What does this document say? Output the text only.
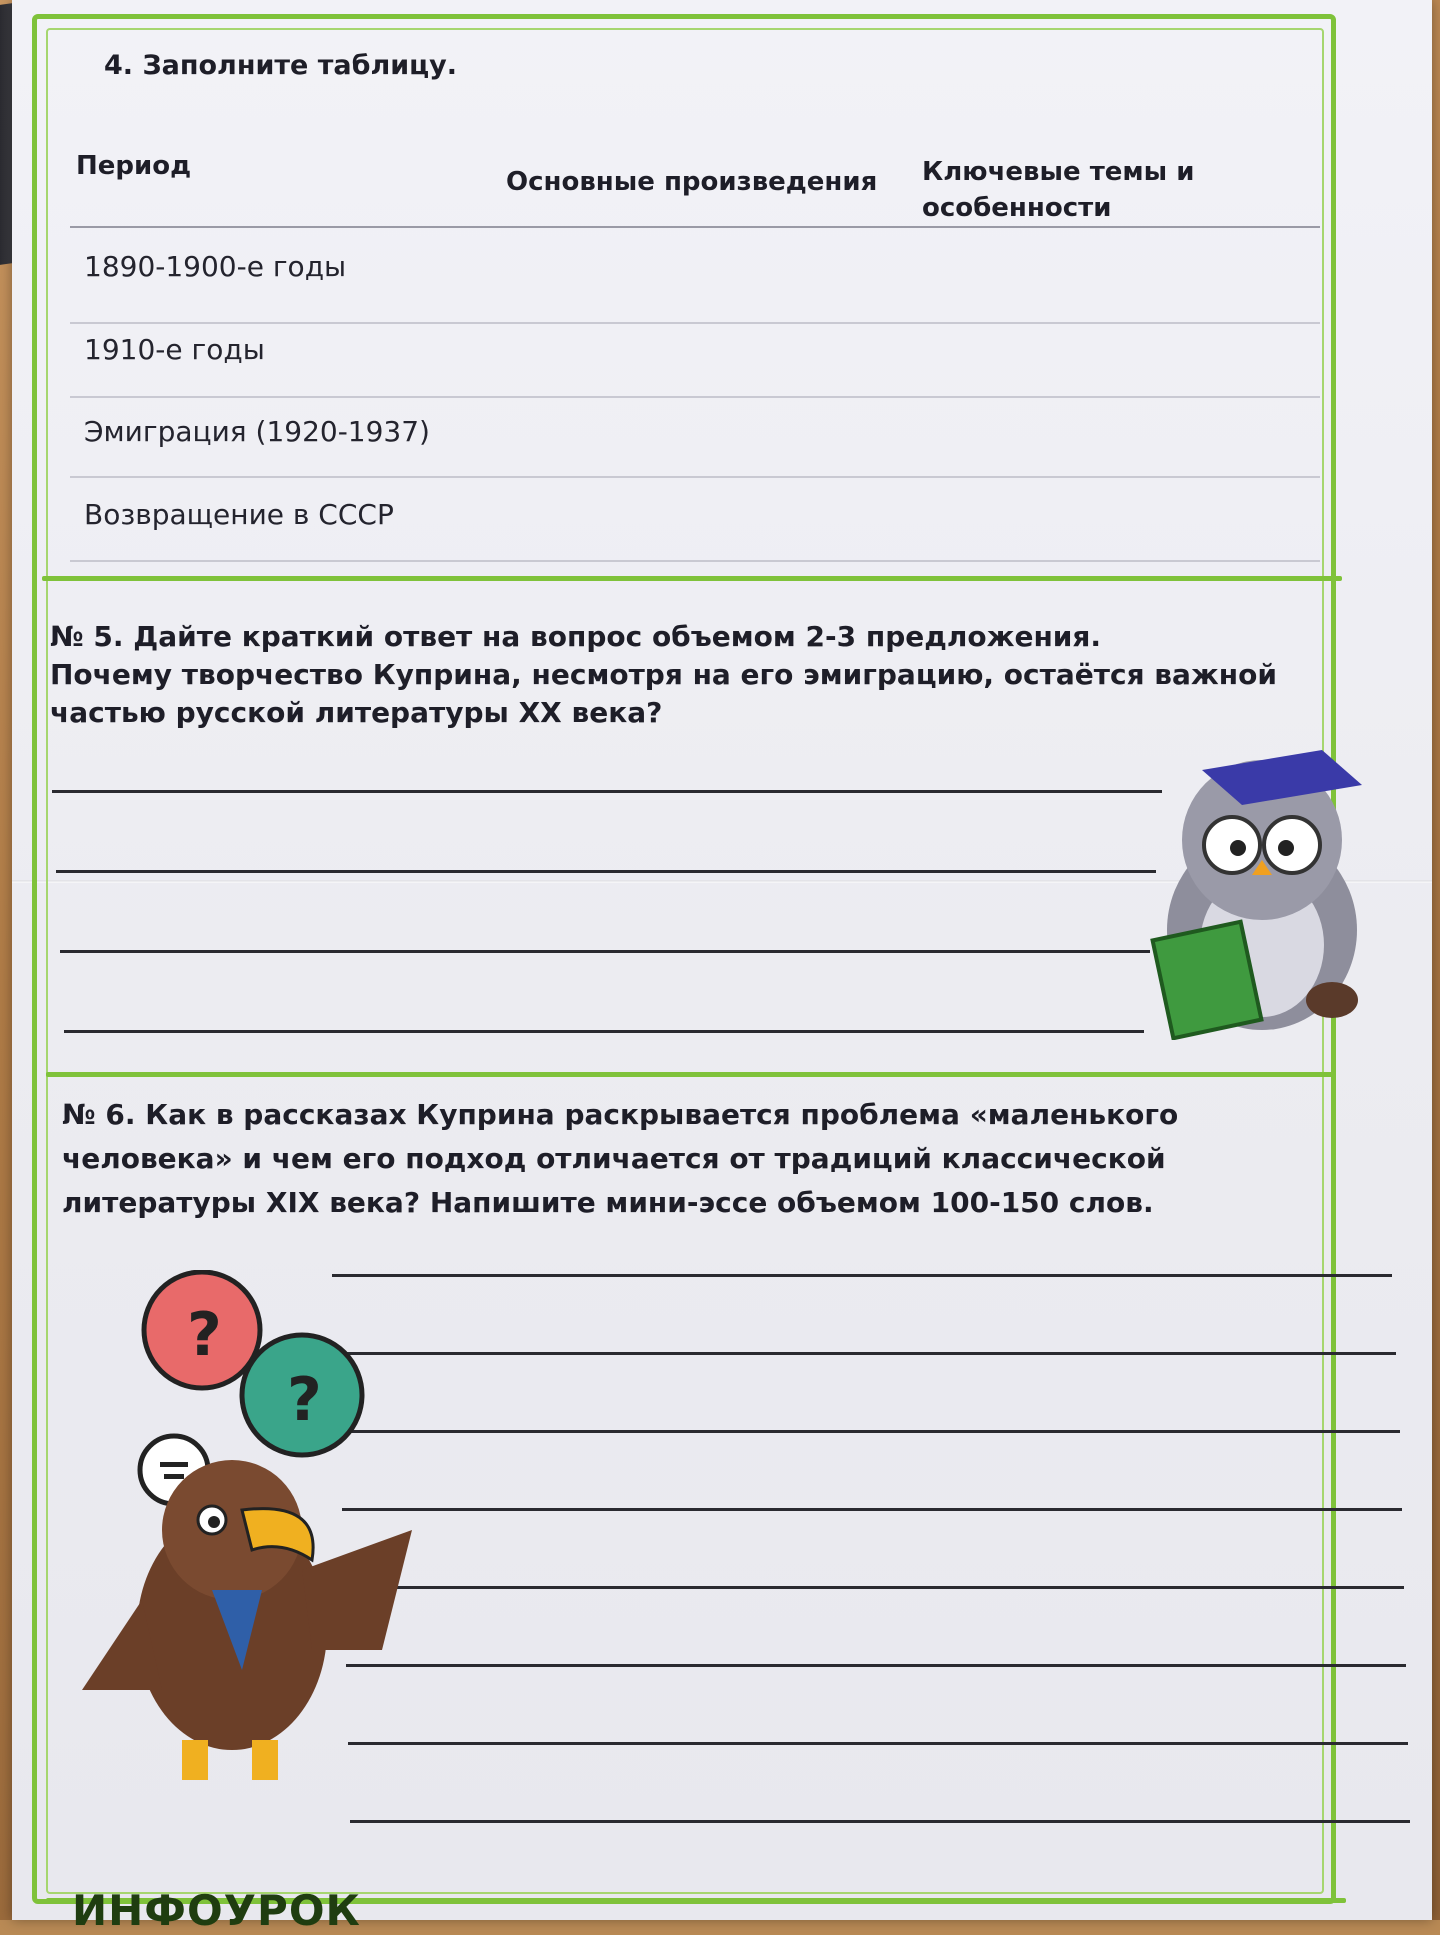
4. Заполните таблицу.
Период
Основные произведения Ключевые темы и особенности
1890-1900-е годы
1910-е годы
Эмиграция (1920-1937)
Возвращение в СССР
№ 5. Дайте краткий ответ на вопрос объемом 2-3 предложения.
Почему творчество Куприна, несмотря на его эмиграцию, остаётся важной
частью русской литературы XX века?
№ 6. Как в рассказах Куприна раскрывается проблема «маленького
человека» и чем его подход отличается от традиций классической
литературы XIX века? Напишите мини-эссе объемом 100-150 слов.
ИНФОУРОК
?
?
